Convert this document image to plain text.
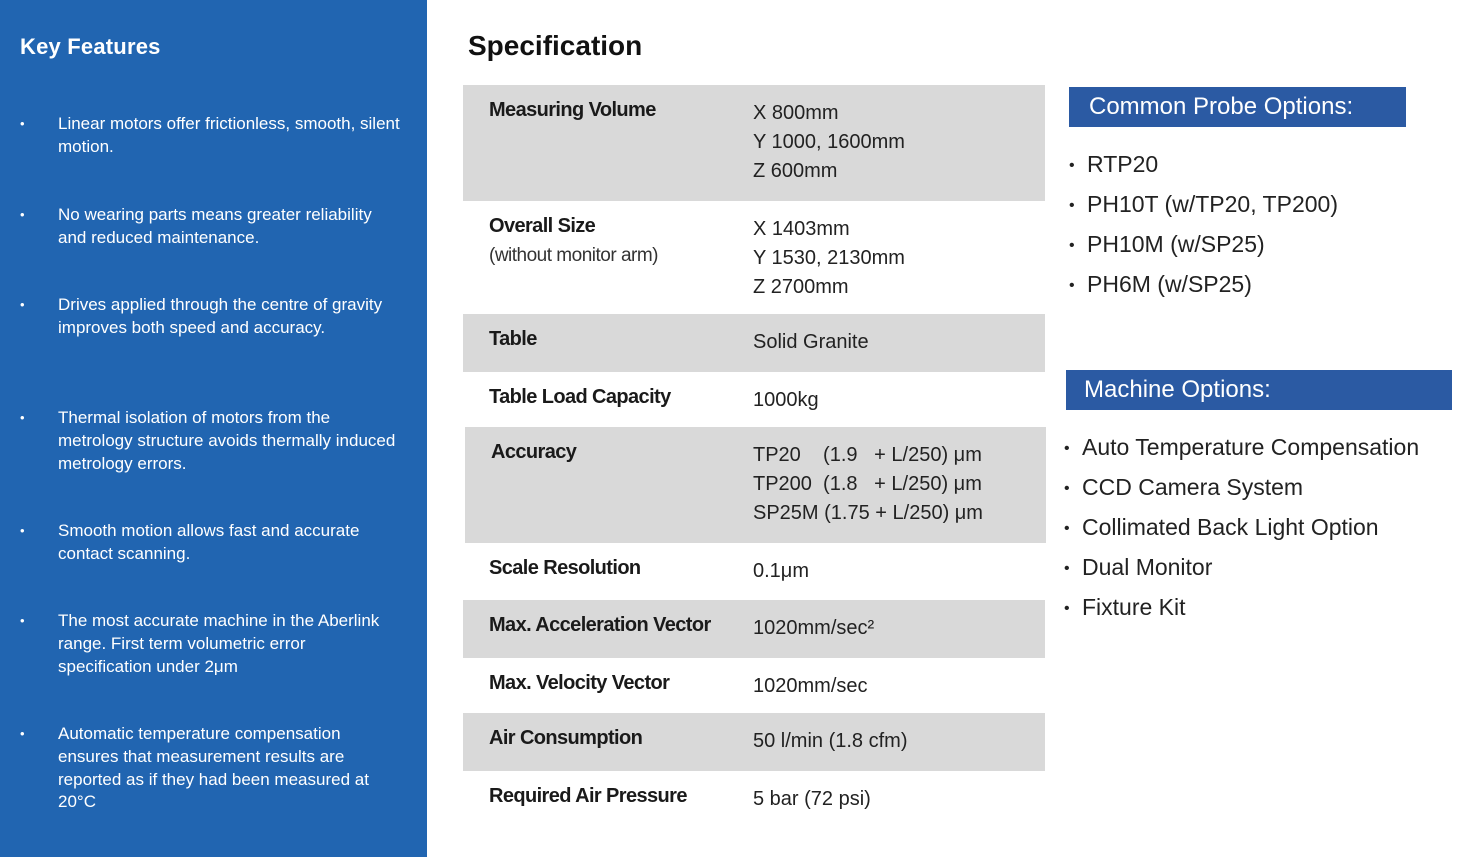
Key Features
• Linear motors offer frictionless, smooth, silent motion.
• No wearing parts means greater reliability and reduced maintenance.
• Drives applied through the centre of gravity improves both speed and accuracy.
• Thermal isolation of motors from the metrology structure avoids thermally induced metrology errors.
• Smooth motion allows fast and accurate contact scanning.
• The most accurate machine in the Aberlink range. First term volumetric error specification under 2μm
• Automatic temperature compensation ensures that measurement results are reported as if they had been measured at 20°C
Specification
Measuring Volume	X 800mm
Y 1000, 1600mm
Z 600mm
Overall Size
(without monitor arm)
X 1403mm
Y 1530, 2130mm
Z 2700mm
Table	Solid Granite
Table Load Capacity	1000kg
Accuracy	TP20    (1.9   + L/250) μm
TP200  (1.8   + L/250) μm
SP25M (1.75 + L/250) μm
Scale Resolution	0.1μm
Max. Acceleration Vector 1020mm/sec²
Max. Velocity Vector	1020mm/sec
Air Consumption	50 l/min (1.8 cfm)
Required Air Pressure	5 bar (72 psi)
Common Probe Options:
• RTP20
• PH10T (w/TP20, TP200)
• PH10M (w/SP25)
• PH6M (w/SP25)
Machine Options:
• Auto Temperature Compensation
• CCD Camera System
• Collimated Back Light Option
• Dual Monitor
• Fixture Kit
